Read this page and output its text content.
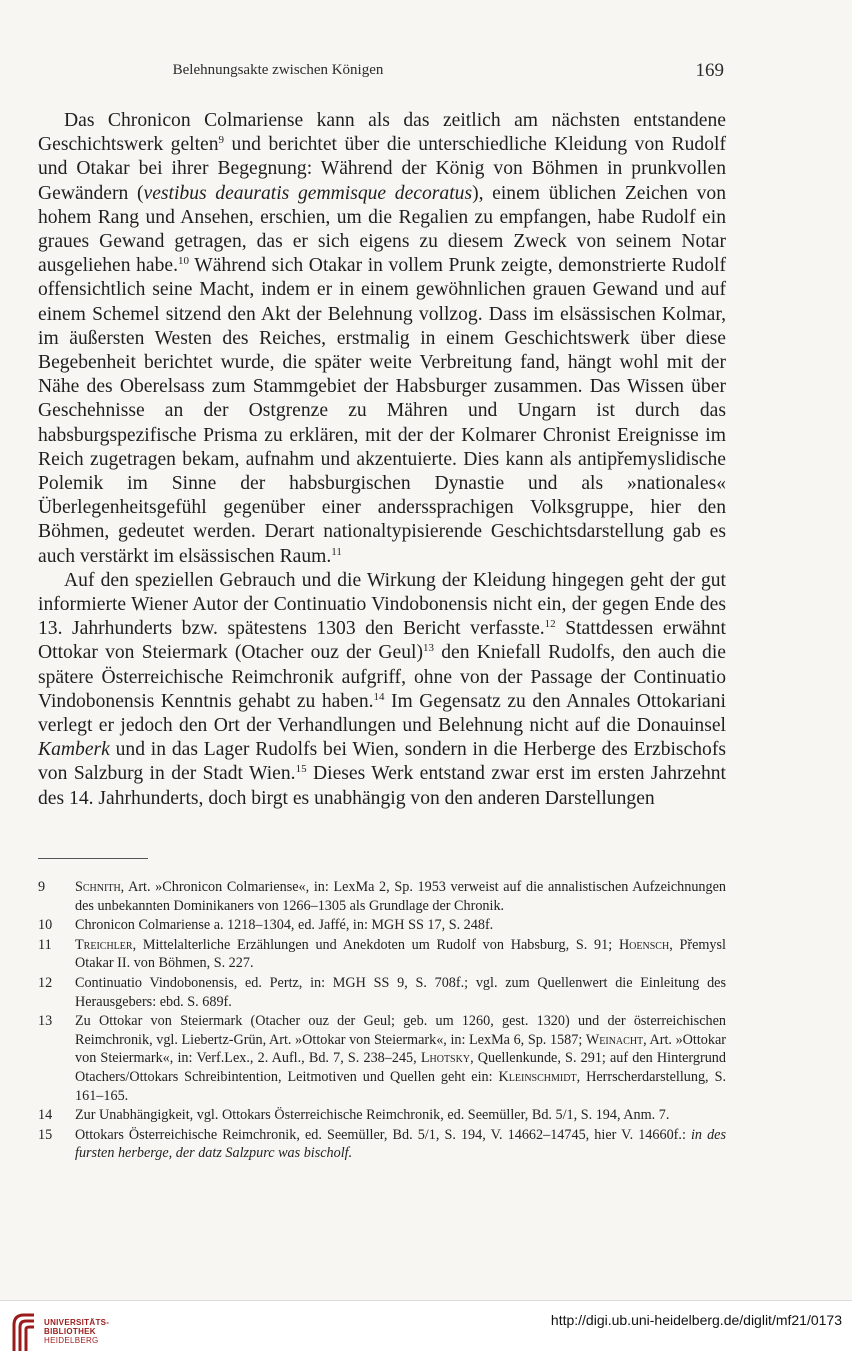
Belehnungsakte zwischen Königen	169

Das Chronicon Colmariense kann als das zeitlich am nächsten entstandene Geschichtswerk gelten$^9$ und berichtet über die unterschiedliche Kleidung von Rudolf und Otakar bei ihrer Begegnung: Während der König von Böhmen in prunkvollen Gewändern (vestibus deauratis gemmisque decoratus), einem üblichen Zeichen von hohem Rang und Ansehen, erschien, um die Regalien zu empfangen, habe Rudolf ein graues Gewand getragen, das er sich eigens zu diesem Zweck von seinem Notar ausgeliehen habe.$^{10}$ Während sich Otakar in vollem Prunk zeigte, demonstrierte Rudolf offensichtlich seine Macht, indem er in einem gewöhnlichen grauen Gewand und auf einem Schemel sitzend den Akt der Belehnung vollzog. Dass im elsässischen Kolmar, im äußersten Westen des Reiches, erstmalig in einem Geschichtswerk über diese Begebenheit berichtet wurde, die später weite Verbreitung fand, hängt wohl mit der Nähe des Oberelsass zum Stammgebiet der Habsburger zusammen. Das Wissen über Geschehnisse an der Ostgrenze zu Mähren und Ungarn ist durch das habsburgspezifische Prisma zu erklären, mit der der Kolmarer Chronist Ereignisse im Reich zugetragen bekam, aufnahm und akzentuierte. Dies kann als antipřemyslidische Polemik im Sinne der habsburgischen Dynastie und als »nationales« Überlegenheitsgefühl gegenüber einer anderssprachigen Volksgruppe, hier den Böhmen, gedeutet werden. Derart nationaltypisierende Geschichtsdarstellung gab es auch verstärkt im elsässischen Raum.$^{11}$

Auf den speziellen Gebrauch und die Wirkung der Kleidung hingegen geht der gut informierte Wiener Autor der Continuatio Vindobonensis nicht ein, der gegen Ende des 13. Jahrhunderts bzw. spätestens 1303 den Bericht verfasste.$^{12}$ Stattdessen erwähnt Ottokar von Steiermark (Otacher ouz der Geul)$^{13}$ den Kniefall Rudolfs, den auch die spätere Österreichische Reimchronik aufgriff, ohne von der Passage der Continuatio Vindobonensis Kenntnis gehabt zu haben.$^{14}$ Im Gegensatz zu den Annales Ottokariani verlegt er jedoch den Ort der Verhandlungen und Belehnung nicht auf die Donauinsel Kamberk und in das Lager Rudolfs bei Wien, sondern in die Herberge des Erzbischofs von Salzburg in der Stadt Wien.$^{15}$ Dieses Werk entstand zwar erst im ersten Jahrzehnt des 14. Jahrhunderts, doch birgt es unabhängig von den anderen Darstellungen

9 Schnith, Art. »Chronicon Colmariense«, in: LexMa 2, Sp. 1953 verweist auf die annalistischen Aufzeichnungen des unbekannten Dominikaners von 1266–1305 als Grundlage der Chronik.
10 Chronicon Colmariense a. 1218–1304, ed. Jaffé, in: MGH SS 17, S. 248f.
11 Treichler, Mittelalterliche Erzählungen und Anekdoten um Rudolf von Habsburg, S. 91; Hoensch, Přemysl Otakar II. von Böhmen, S. 227.
12 Continuatio Vindobonensis, ed. Pertz, in: MGH SS 9, S. 708f.; vgl. zum Quellenwert die Einleitung des Herausgebers: ebd. S. 689f.
13 Zu Ottokar von Steiermark (Otacher ouz der Geul; geb. um 1260, gest. 1320) und der österreichischen Reimchronik, vgl. Liebertz-Grün, Art. »Ottokar von Steiermark«, in: LexMa 6, Sp. 1587; Weinacht, Art. »Ottokar von Steiermark«, in: Verf.Lex., 2. Aufl., Bd. 7, S. 238–245, Lhotsky, Quellenkunde, S. 291; auf den Hintergrund Otachers/Ottokars Schreibintention, Leitmotiven und Quellen geht ein: Kleinschmidt, Herrscherdarstellung, S. 161–165.
14 Zur Unabhängigkeit, vgl. Ottokars Österreichische Reimchronik, ed. Seemüller, Bd. 5/1, S. 194, Anm. 7.
15 Ottokars Österreichische Reimchronik, ed. Seemüller, Bd. 5/1, S. 194, V. 14662–14745, hier V. 14660f.: in des fursten herberge, der datz Salzpurc was bischolf.
UNIVERSITÄTS-
BIBLIOTHEK
HEIDELBERG
http://digi.ub.uni-heidelberg.de/diglit/mf21/0173
